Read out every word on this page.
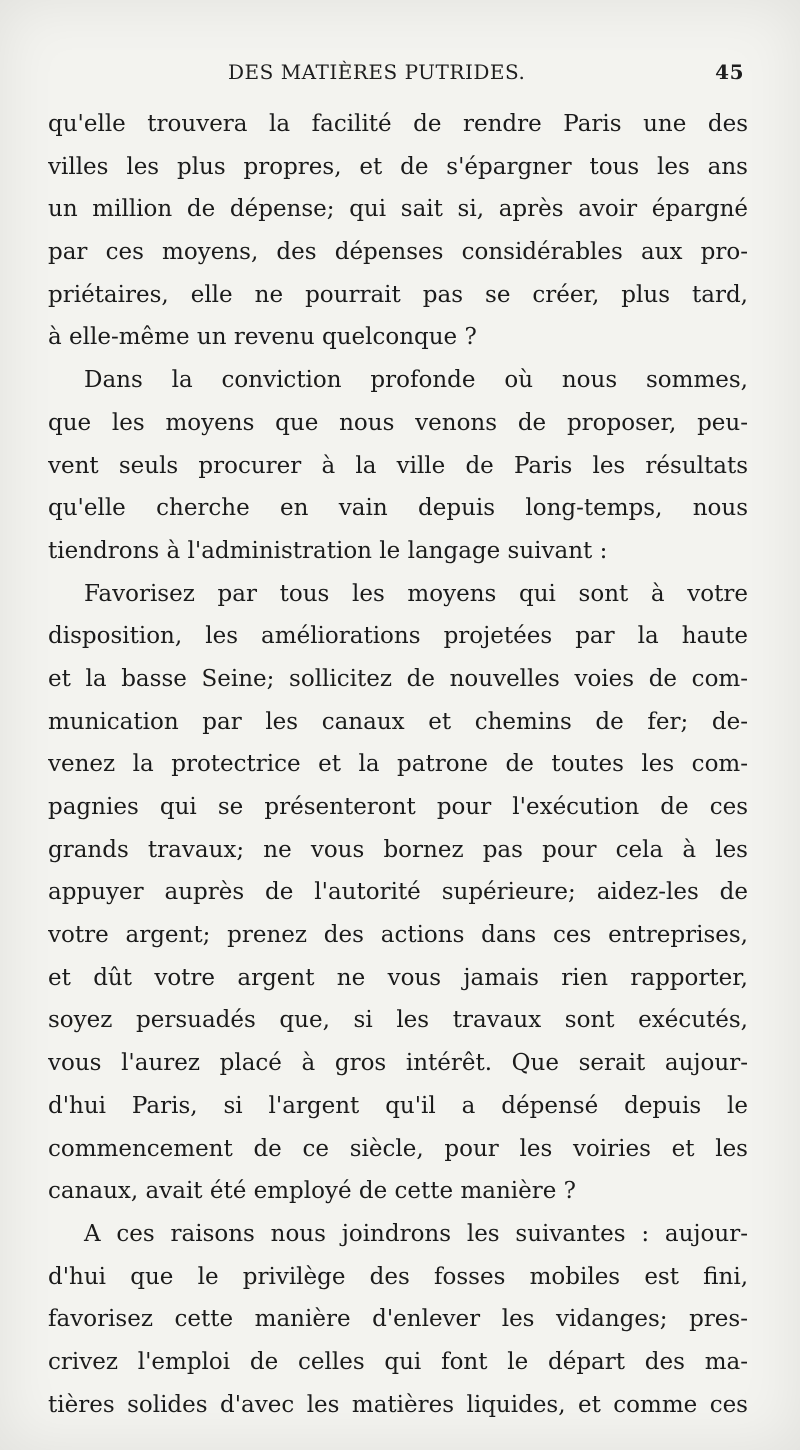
DES MATIÈRES PUTRIDES.	45
qu'elle trouvera la facilité de rendre Paris une des
villes les plus propres, et de s'épargner tous les ans
un million de dépense; qui sait si, après avoir épargné
par ces moyens, des dépenses considérables aux pro-
priétaires, elle ne pourrait pas se créer, plus tard,
à elle-même un revenu quelconque ?
Dans la conviction profonde où nous sommes,
que les moyens que nous venons de proposer, peu-
vent seuls procurer à la ville de Paris les résultats
qu'elle cherche en vain depuis long-temps, nous
tiendrons à l'administration le langage suivant :
Favorisez par tous les moyens qui sont à votre
disposition, les améliorations projetées par la haute
et la basse Seine; sollicitez de nouvelles voies de com-
munication par les canaux et chemins de fer; de-
venez la protectrice et la patrone de toutes les com-
pagnies qui se présenteront pour l'exécution de ces
grands travaux; ne vous bornez pas pour cela à les
appuyer auprès de l'autorité supérieure; aidez-les de
votre argent; prenez des actions dans ces entreprises,
et dût votre argent ne vous jamais rien rapporter,
soyez persuadés que, si les travaux sont exécutés,
vous l'aurez placé à gros intérêt. Que serait aujour-
d'hui Paris, si l'argent qu'il a dépensé depuis le
commencement de ce siècle, pour les voiries et les
canaux, avait été employé de cette manière ?
A ces raisons nous joindrons les suivantes : aujour-
d'hui que le privilège des fosses mobiles est fini,
favorisez cette manière d'enlever les vidanges; pres-
crivez l'emploi de celles qui font le départ des ma-
tières solides d'avec les matières liquides, et comme ces
